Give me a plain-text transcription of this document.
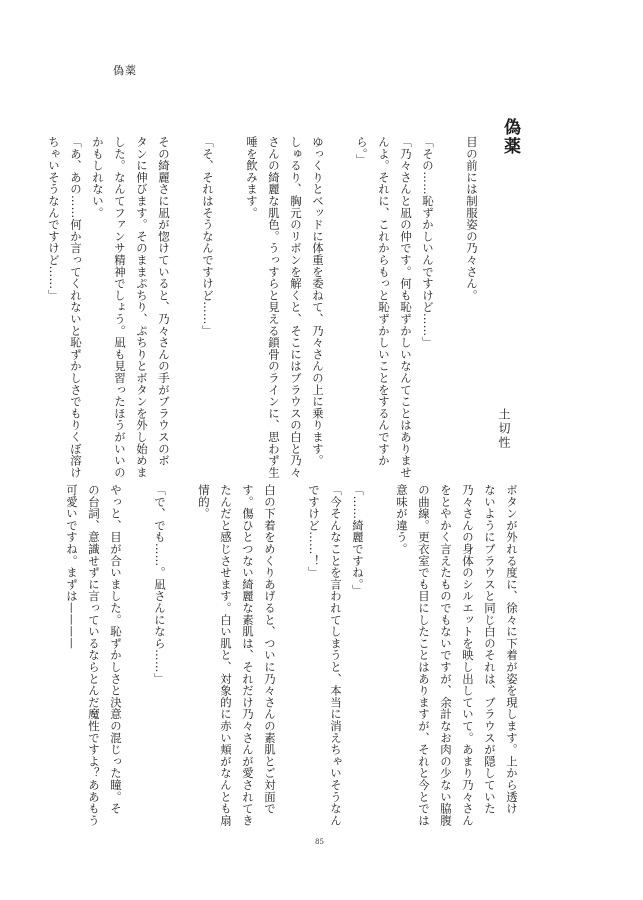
偽薬
偽薬
土切性
目の前には制服姿の乃々さん。

「その……恥ずかしいんですけど……」
「乃々さんと凪の仲です。何も恥ずかしいなんてことはありませ
んよ。それに、これからもっと恥ずかしいことをするんですか
ら。」

ゆっくりとベッドに体重を委ねて、乃々さんの上に乗ります。
しゅるり、胸元のリボンを解くと、そこにはブラウスの白と乃々
さんの綺麗な肌色。うっすらと見える鎖骨のラインに、思わず生
唾を飲みます。

「そ、それはそうなんですけど……」

その綺麗さに凪が惚けていると、乃々さんの手がブラウスのボ
タンに伸びます。そのままぷちり、ぷちりとボタンを外し始めま
した。なんてファンサ精神でしょう。凪も見習ったほうがいいの
かもしれない。
「あ、あの……何か言ってくれないと恥ずかしさでもりくぼ溶け
ちゃいそうなんですけど……」
ボタンが外れる度に、徐々に下着が姿を現します。上から透け
ないようにブラウスと同じ白のそれは、ブラウスが隠していた
乃々さんの身体のシルエットを映し出していて。あまり乃々さん
をとやかく言えたものでもないですが、余計なお肉の少ない脇腹
の曲線。更衣室でも目にしたことはありますが、それと今とでは
意味が違う。

「……綺麗ですね。」
「今そんなことを言われてしまうと、本当に消えちゃいそうなん
ですけど……！」

白の下着をめくりあげると、ついに乃々さんの素肌とご対面で
す。傷ひとつない綺麗な素肌は、それだけ乃々さんが愛されてき
たんだと感じさせます。白い肌と、対象的に赤い頬がなんとも扇
情的。

「で、でも……。凪さんになら……」

やっと、目が合いました。恥ずかしさと決意の混じった瞳。そ
の台詞、意識せずに言っているならとんだ魔性ですよ？ああもう
可愛いですね。まずは————
85
